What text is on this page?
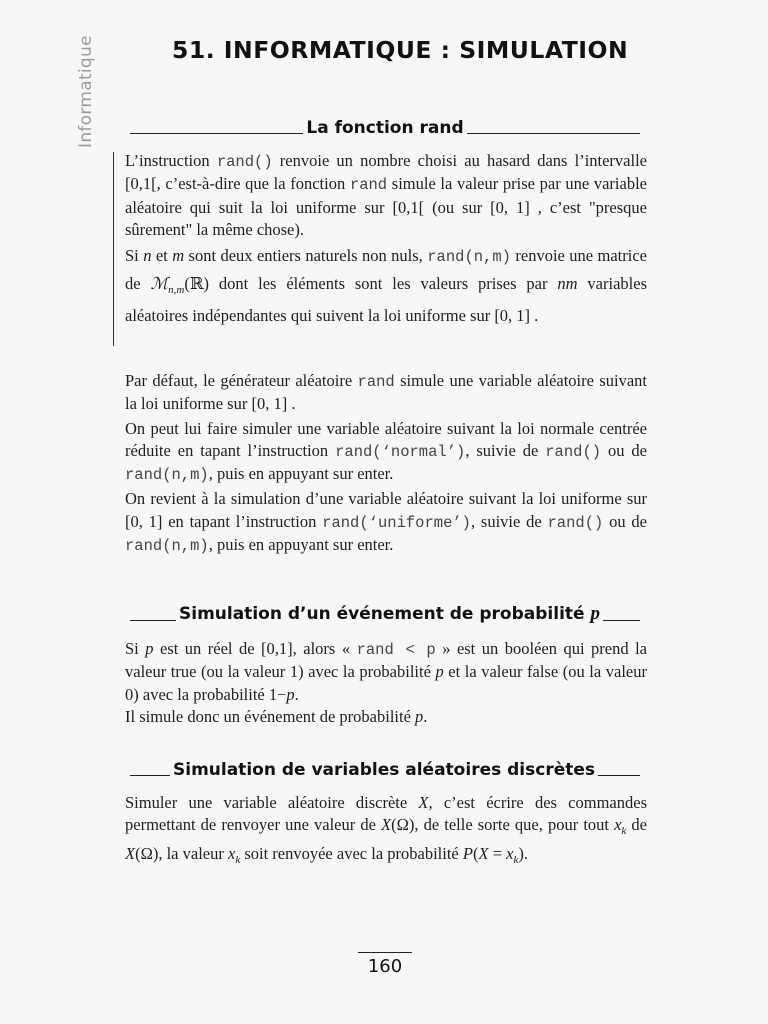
Informatique	51. INFORMATIQUE : SIMULATION
La fonction rand

L’instruction rand() renvoie un nombre choisi au hasard dans l’intervalle [0,1[, c’est-à-dire que la fonction rand simule la valeur prise par une variable aléatoire qui suit la loi uniforme sur [0,1[ (ou sur [0, 1] , c’est "presque sûrement" la même chose).

Si n et m sont deux entiers naturels non nuls, rand(n,m) renvoie une matrice de ℳ$_{n,m}$(ℝ) dont les éléments sont les valeurs prises par nm variables aléatoires indépendantes qui suivent la loi uniforme sur [0, 1] .

Par défaut, le générateur aléatoire rand simule une variable aléatoire suivant la loi uniforme sur [0, 1] .

On peut lui faire simuler une variable aléatoire suivant la loi normale centrée réduite en tapant l’instruction rand(‘normal’), suivie de rand() ou de rand(n,m), puis en appuyant sur enter.

On revient à la simulation d’une variable aléatoire suivant la loi uniforme sur [0, 1] en tapant l’instruction rand(‘uniforme’), suivie de rand() ou de rand(n,m), puis en appuyant sur enter.

Simulation d’un événement de probabilité p

Si p est un réel de [0,1], alors « rand < p » est un booléen qui prend la valeur true (ou la valeur 1) avec la probabilité p et la valeur false (ou la valeur 0) avec la probabilité 1−p.

Il simule donc un événement de probabilité p.

Simulation de variables aléatoires discrètes

Simuler une variable aléatoire discrète X, c’est écrire des commandes permettant de renvoyer une valeur de X(Ω), de telle sorte que, pour tout $x_k$ de X(Ω), la valeur $x_k$ soit renvoyée avec la probabilité $P(X = x_k)$.

160
